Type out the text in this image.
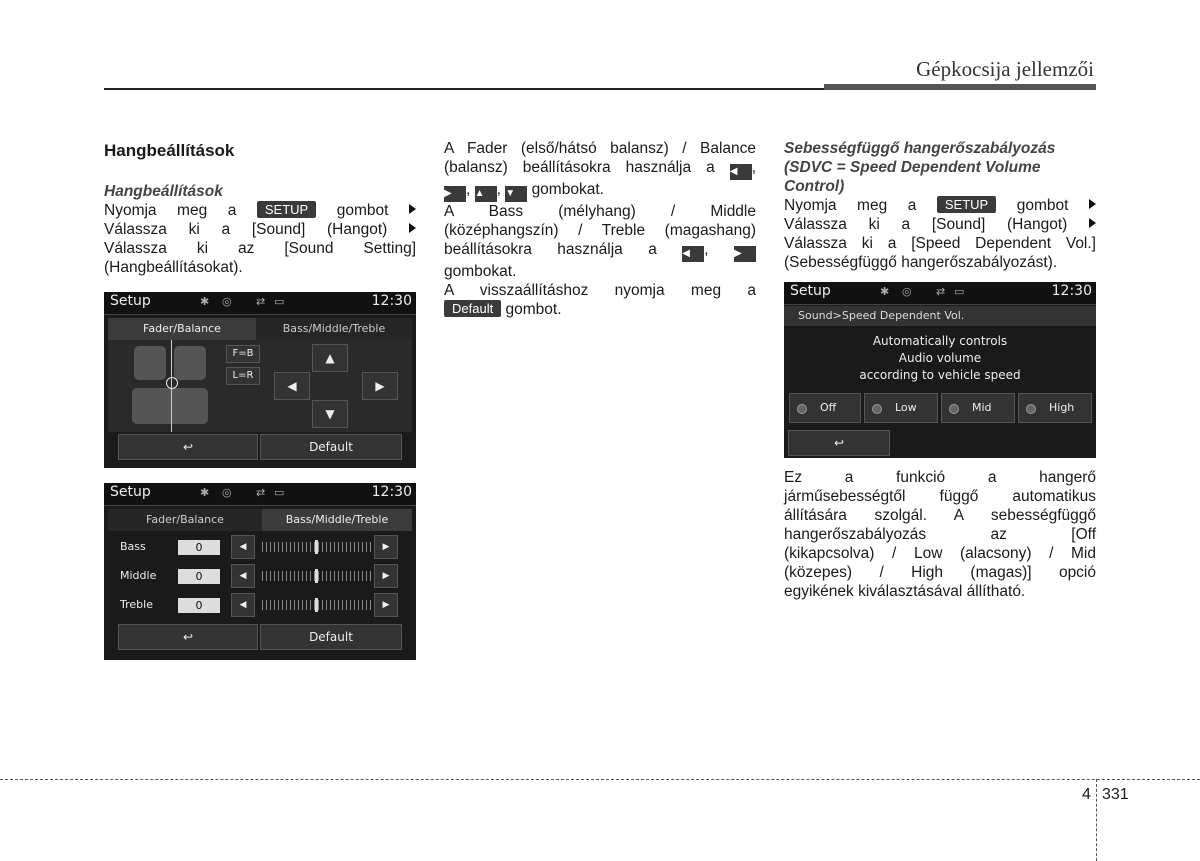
Gépkocsija jellemzői
Hangbeállítások
Hangbeállítások
Nyomja meg a SETUP gombot
Válassza ki a [Sound] (Hangot)
Válassza ki az [Sound Setting]
(Hangbeállításokat).
Setup	✱ ◎ ⇄ ▭	12:30
Fader/Balance	Bass/Middle/Treble
F=B
L=R
▲
◀	▶
▼
↩	Default
Setup	✱ ◎ ⇄ ▭	12:30
Fader/Balance	Bass/Middle/Treble
Bass	0	◀	▶
Middle	0	◀	▶
Treble	0	◀	▶
↩	Default
A Fader (első/hátsó balansz) / Balance
(balansz) beállításokra használja a ◀ ,
▶ , ▲ , ▼ gombokat.
A Bass (mélyhang) / Middle
(középhangszín) / Treble (magashang)
beállításokra használja a	◀ ,	▶
gombokat.
A visszaállításhoz nyomja meg a
Default gombot.
Sebességfüggő hangerőszabályozás
(SDVC = Speed Dependent Volume
Control)
Nyomja meg a SETUP gombot
Válassza ki a [Sound] (Hangot)
Válassza ki a [Speed Dependent Vol.]
(Sebességfüggő hangerőszabályozást).
Setup	✱ ◎ ⇄ ▭	12:30
Sound>Speed Dependent Vol.
Automatically controls
Audio volume
according to vehicle speed
Off	Low	Mid	High
↩
Ez a funkció a hangerő
járműsebességtől függő automatikus
állítására szolgál. A sebességfüggő
hangerőszabályozás az [Off
(kikapcsolva) / Low (alacsony) / Mid
(közepes) / High (magas)] opció
egyikének kiválasztásával állítható.
4 331
